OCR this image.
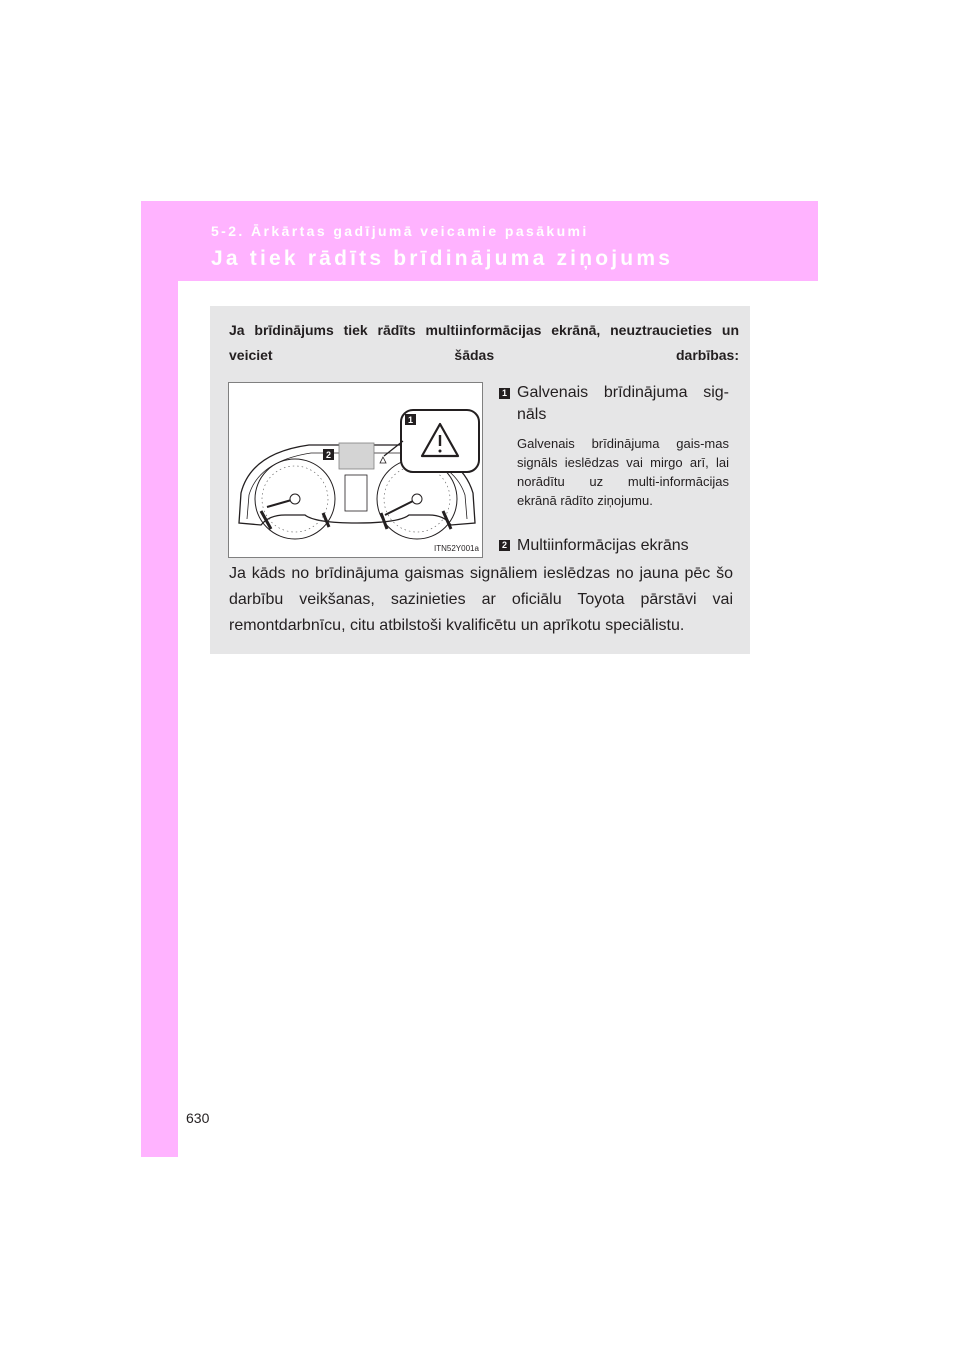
5-2. Ārkārtas gadījumā veicamie pasākumi
Ja tiek rādīts brīdinājuma ziņojums
Ja brīdinājums tiek rādīts multiinformācijas ekrānā, neuztraucieties un veiciet šādas darbības:
1
2
ITN52Y001a
1 Galvenais brīdinājuma sig-nāls
Galvenais brīdinājuma gais-mas signāls ieslēdzas vai mirgo arī, lai norādītu uz multi-informācijas ekrānā rādīto ziņojumu.
2 Multiinformācijas ekrāns
Ja kāds no brīdinājuma gaismas signāliem ieslēdzas no jauna pēc šo darbību veikšanas, sazinieties ar oficiālu Toyota pārstāvi vai remontdarbnīcu, citu atbilstoši kvalificētu un aprīkotu speciālistu.
630
